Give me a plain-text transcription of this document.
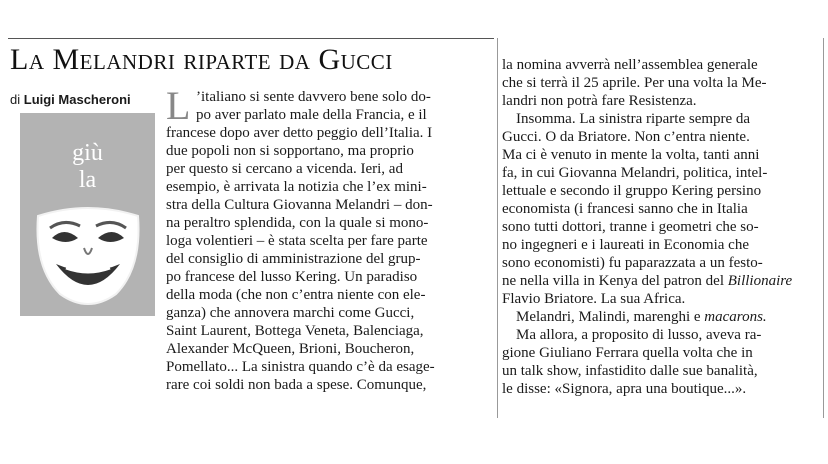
La Melandri riparte da Gucci
di Luigi Mascheroni
giù
la
L ’italiano si sente davvero bene solo do-
po aver parlato male della Francia, e il
francese dopo aver detto peggio dell’Italia. I
due popoli non si sopportano, ma proprio
per questo si cercano a vicenda. Ieri, ad
esempio, è arrivata la notizia che l’ex mini-
stra della Cultura Giovanna Melandri – don-
na peraltro splendida, con la quale si mono-
loga volentieri – è stata scelta per fare parte
del consiglio di amministrazione del grup-
po francese del lusso Kering. Un paradiso
della moda (che non c’entra niente con ele-
ganza) che annovera marchi come Gucci,
Saint Laurent, Bottega Veneta, Balenciaga,
Alexander McQueen, Brioni, Boucheron,
Pomellato... La sinistra quando c’è da esage-
rare coi soldi non bada a spese. Comunque,
la nomina avverrà nell’assemblea generale
che si terrà il 25 aprile. Per una volta la Me-
landri non potrà fare Resistenza.
Insomma. La sinistra riparte sempre da
Gucci. O da Briatore. Non c’entra niente.
Ma ci è venuto in mente la volta, tanti anni
fa, in cui Giovanna Melandri, politica, intel-
lettuale e secondo il gruppo Kering persino
economista (i francesi sanno che in Italia
sono tutti dottori, tranne i geometri che so-
no ingegneri e i laureati in Economia che
sono economisti) fu paparazzata a un festo-
ne nella villa in Kenya del patron del Billionaire
Flavio Briatore. La sua Africa.
Melandri, Malindi, marenghi e macarons.
Ma allora, a proposito di lusso, aveva ra-
gione Giuliano Ferrara quella volta che in
un talk show, infastidito dalle sue banalità,
le disse: «Signora, apra una boutique...».
